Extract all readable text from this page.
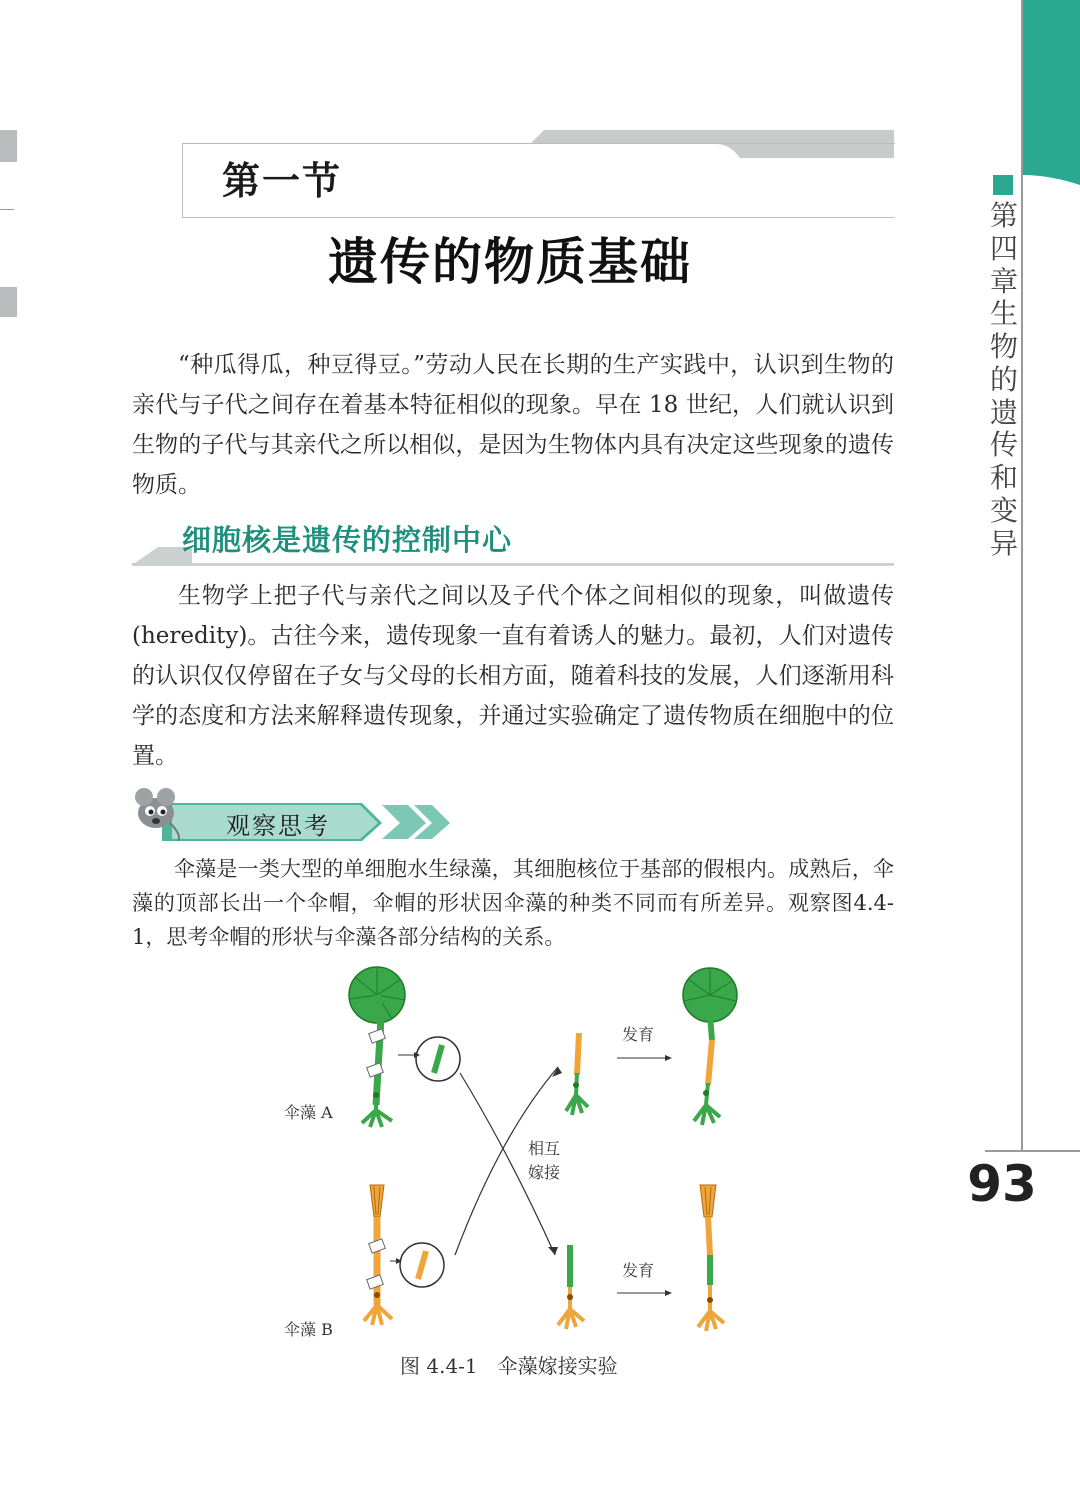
第四章 生物的遗传和变异
93
第一节
遗传的物质基础

“种瓜得瓜，种豆得豆。”劳动人民在长期的生产实践中，认识到生物的亲代与子代之间存在着基本特征相似的现象。早在 18 世纪，人们就认识到生物的子代与其亲代之所以相似，是因为生物体内具有决定这些现象的遗传物质。

细胞核是遗传的控制中心

生物学上把子代与亲代之间以及子代个体之间相似的现象，叫做遗传(heredity)。古往今来，遗传现象一直有着诱人的魅力。最初，人们对遗传的认识仅仅停留在子女与父母的长相方面，随着科技的发展，人们逐渐用科学的态度和方法来解释遗传现象，并通过实验确定了遗传物质在细胞中的位置。

观察思考

伞藻是一类大型的单细胞水生绿藻，其细胞核位于基部的假根内。成熟后，伞藻的顶部长出一个伞帽，伞帽的形状因伞藻的种类不同而有所差异。观察图4.4-1，思考伞帽的形状与伞藻各部分结构的关系。

伞藻 A
伞藻 B
相互
嫁接
发育
发育
图 4.4-1　伞藻嫁接实验
